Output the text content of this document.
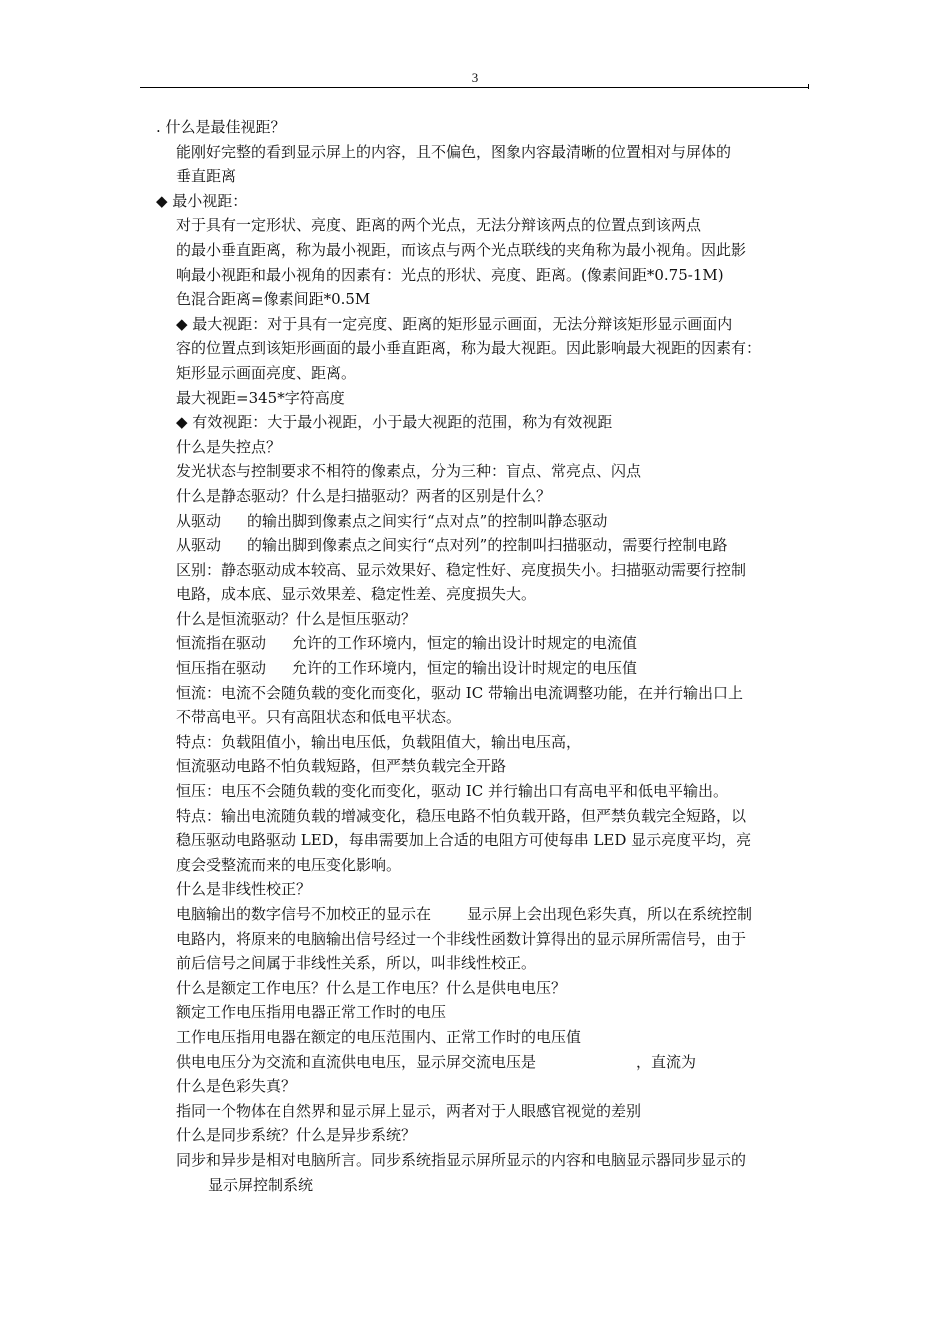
3
. 什么是最佳视距？
能刚好完整的看到显示屏上的内容，且不偏色，图象内容最清晰的位置相对与屏体的
垂直距离
◆ 最小视距：
对于具有一定形状、亮度、距离的两个光点，无法分辩该两点的位置点到该两点
的最小垂直距离，称为最小视距，而该点与两个光点联线的夹角称为最小视角。因此影
响最小视距和最小视角的因素有：光点的形状、亮度、距离。(像素间距*0.75-1M)
色混合距离=像素间距*0.5M
◆ 最大视距：对于具有一定亮度、距离的矩形显示画面，无法分辩该矩形显示画面内
容的位置点到该矩形画面的最小垂直距离，称为最大视距。因此影响最大视距的因素有：
矩形显示画面亮度、距离。
最大视距=345*字符高度
◆ 有效视距：大于最小视距，小于最大视距的范围，称为有效视距
什么是失控点？
发光状态与控制要求不相符的像素点，分为三种：盲点、常亮点、闪点
什么是静态驱动？什么是扫描驱动？两者的区别是什么？
从驱动 的输出脚到像素点之间实行“点对点”的控制叫静态驱动
从驱动 的输出脚到像素点之间实行“点对列”的控制叫扫描驱动，需要行控制电路
区别：静态驱动成本较高、显示效果好、稳定性好、亮度损失小。扫描驱动需要行控制
电路，成本底、显示效果差、稳定性差、亮度损失大。
什么是恒流驱动？什么是恒压驱动？
恒流指在驱动 允许的工作环境内，恒定的输出设计时规定的电流值
恒压指在驱动 允许的工作环境内，恒定的输出设计时规定的电压值
恒流：电流不会随负载的变化而变化，驱动 IC 带输出电流调整功能，在并行输出口上
不带高电平。只有高阻状态和低电平状态。
特点：负载阻值小，输出电压低，负载阻值大，输出电压高，
恒流驱动电路不怕负载短路，但严禁负载完全开路
恒压：电压不会随负载的变化而变化，驱动 IC 并行输出口有高电平和低电平输出。
特点：输出电流随负载的增减变化，稳压电路不怕负载开路，但严禁负载完全短路，以
稳压驱动电路驱动 LED，每串需要加上合适的电阻方可使每串 LED 显示亮度平均，亮
度会受整流而来的电压变化影响。
什么是非线性校正？
电脑输出的数字信号不加校正的显示在 显示屏上会出现色彩失真，所以在系统控制
电路内，将原来的电脑输出信号经过一个非线性函数计算得出的显示屏所需信号，由于
前后信号之间属于非线性关系，所以，叫非线性校正。
什么是额定工作电压？什么是工作电压？什么是供电电压？
额定工作电压指用电器正常工作时的电压
工作电压指用电器在额定的电压范围内、正常工作时的电压值
供电电压分为交流和直流供电电压，显示屏交流电压是	，直流为
什么是色彩失真？
指同一个物体在自然界和显示屏上显示，两者对于人眼感官视觉的差别
什么是同步系统？什么是异步系统？
同步和异步是相对电脑所言。同步系统指显示屏所显示的内容和电脑显示器同步显示的
显示屏控制系统
